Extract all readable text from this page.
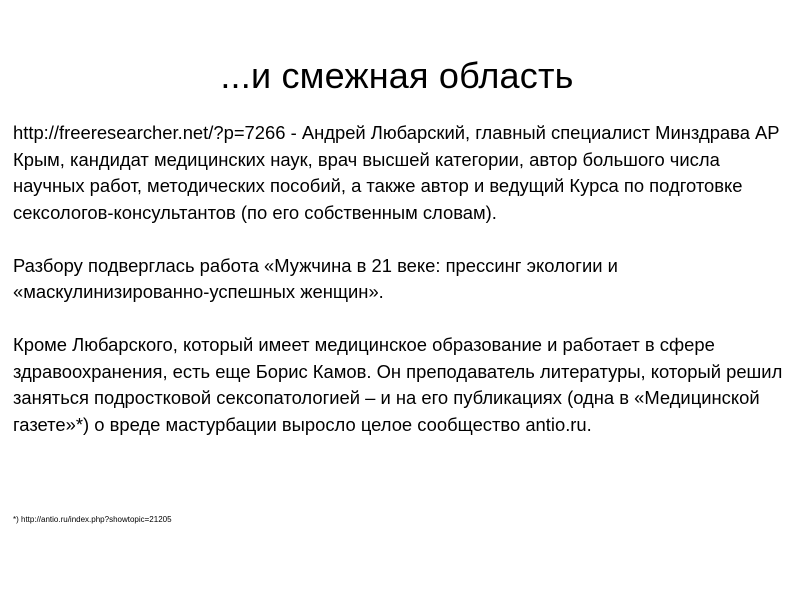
...и смежная область

http://freeresearcher.net/?p=7266 - Андрей Любарский, главный специалист Минздрава АР Крым, кандидат медицинских наук, врач высшей категории, автор большого числа научных работ, методических пособий, а также автор и ведущий Курса по подготовке сексологов-консультантов (по его собственным словам).

Разбору подверглась работа «Мужчина в 21 веке: прессинг экологии и «маскулинизированно-успешных женщин».

Кроме Любарского, который имеет медицинское образование и работает в сфере здравоохранения, есть еще Борис Камов. Он преподаватель литературы, который решил заняться подростковой сексопатологией – и на его публикациях (одна в «Медицинской газете»*) о вреде мастурбации выросло целое сообщество antio.ru.

*) http://antio.ru/index.php?showtopic=21205
